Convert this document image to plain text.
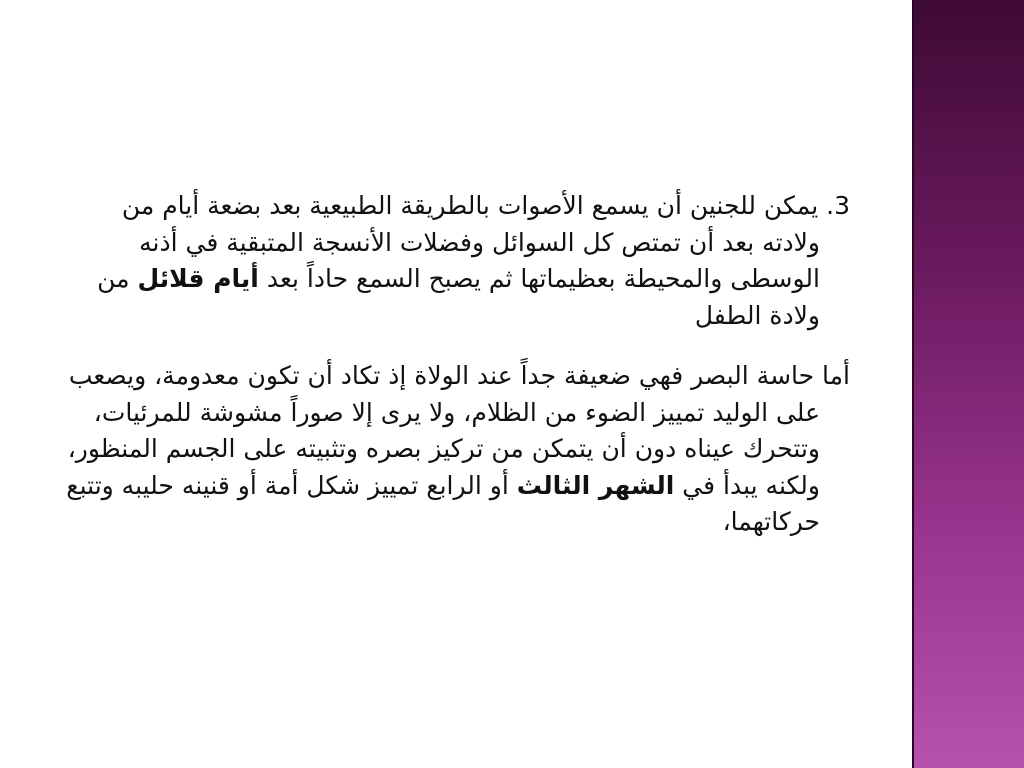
3. يمكن للجنين أن يسمع الأصوات بالطريقة الطبيعية بعد بضعة أيام من ولادته بعد أن تمتص كل السوائل وفضلات الأنسجة المتبقية في أذنه الوسطى والمحيطة بعظيماتها ثم يصبح السمع حاداً بعد أيام قلائل من ولادة الطفل

أما حاسة البصر فهي ضعيفة جداً عند الولاة إذ تكاد أن تكون معدومة، ويصعب على الوليد تمييز الضوء من الظلام، ولا يرى إلا صوراً مشوشة للمرئيات، وتتحرك عيناه دون أن يتمكن من تركيز بصره وتثبيته على الجسم المنظور، ولكنه يبدأ في الشهر الثالث أو الرابع تمييز شكل أمة أو قنينه حليبه وتتبع حركاتهما،
